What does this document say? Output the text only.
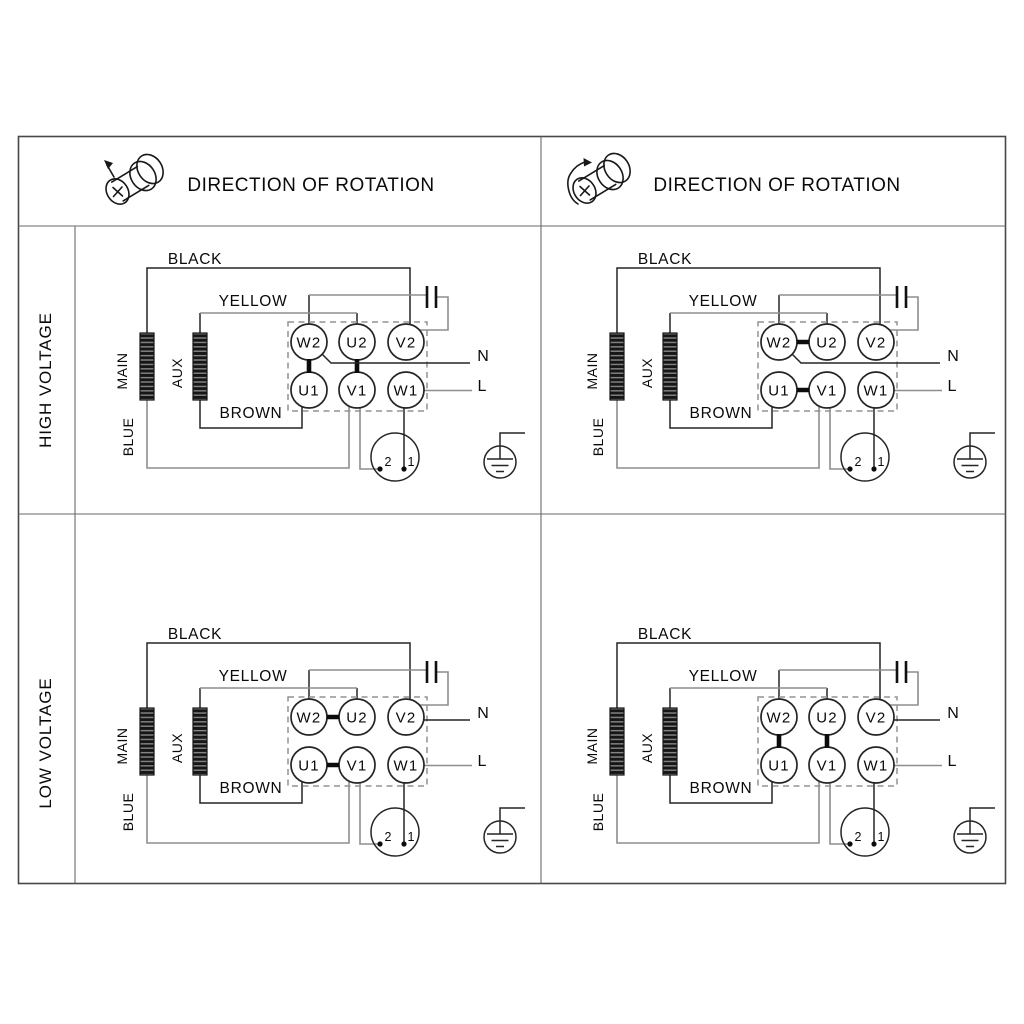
DIRECTION OF ROTATION	DIRECTION OF ROTATION
HIGH VOLTAGE
LOW VOLTAGE
N	N
N	N
